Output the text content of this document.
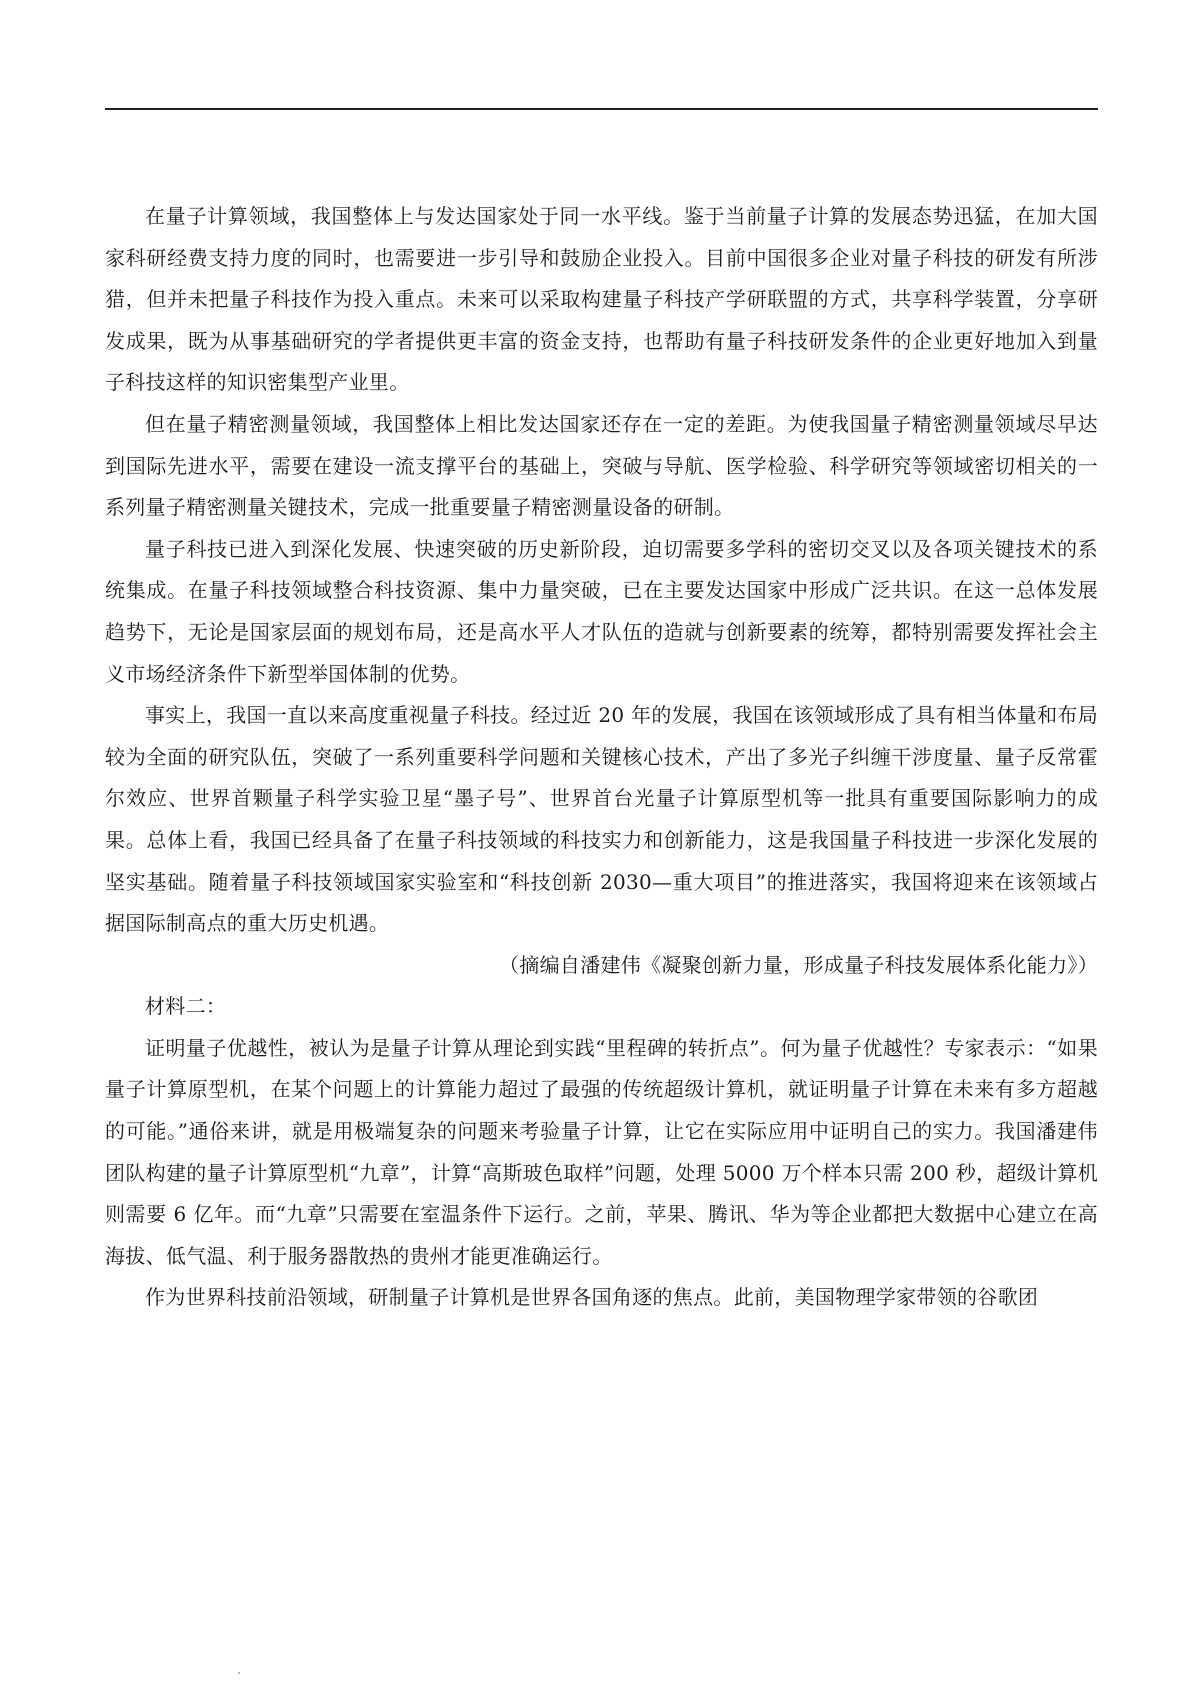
在量子计算领域，我国整体上与发达国家处于同一水平线。鉴于当前量子计算的发展态势迅猛，在加大国家科研经费支持力度的同时，也需要进一步引导和鼓励企业投入。目前中国很多企业对量子科技的研发有所涉猎，但并未把量子科技作为投入重点。未来可以采取构建量子科技产学研联盟的方式，共享科学装置，分享研发成果，既为从事基础研究的学者提供更丰富的资金支持，也帮助有量子科技研发条件的企业更好地加入到量子科技这样的知识密集型产业里。

但在量子精密测量领域，我国整体上相比发达国家还存在一定的差距。为使我国量子精密测量领域尽早达到国际先进水平，需要在建设一流支撑平台的基础上，突破与导航、医学检验、科学研究等领域密切相关的一系列量子精密测量关键技术，完成一批重要量子精密测量设备的研制。

量子科技已进入到深化发展、快速突破的历史新阶段，迫切需要多学科的密切交叉以及各项关键技术的系统集成。在量子科技领域整合科技资源、集中力量突破，已在主要发达国家中形成广泛共识。在这一总体发展趋势下，无论是国家层面的规划布局，还是高水平人才队伍的造就与创新要素的统筹，都特别需要发挥社会主义市场经济条件下新型举国体制的优势。

事实上，我国一直以来高度重视量子科技。经过近 20 年的发展，我国在该领域形成了具有相当体量和布局较为全面的研究队伍，突破了一系列重要科学问题和关键核心技术，产出了多光子纠缠干涉度量、量子反常霍尔效应、世界首颗量子科学实验卫星“墨子号”、世界首台光量子计算原型机等一批具有重要国际影响力的成果。总体上看，我国已经具备了在量子科技领域的科技实力和创新能力，这是我国量子科技进一步深化发展的坚实基础。随着量子科技领域国家实验室和“科技创新 2030—重大项目”的推进落实，我国将迎来在该领域占据国际制高点的重大历史机遇。

（摘编自潘建伟《凝聚创新力量，形成量子科技发展体系化能力》）

材料二：

证明量子优越性，被认为是量子计算从理论到实践“里程碑的转折点”。何为量子优越性？专家表示：“如果量子计算原型机，在某个问题上的计算能力超过了最强的传统超级计算机，就证明量子计算在未来有多方超越的可能。”通俗来讲，就是用极端复杂的问题来考验量子计算，让它在实际应用中证明自己的实力。我国潘建伟团队构建的量子计算原型机“九章”，计算“高斯玻色取样”问题，处理 5000 万个样本只需 200 秒，超级计算机则需要 6 亿年。而“九章”只需要在室温条件下运行。之前，苹果、腾讯、华为等企业都把大数据中心建立在高海拔、低气温、利于服务器散热的贵州才能更准确运行。

作为世界科技前沿领域，研制量子计算机是世界各国角逐的焦点。此前，美国物理学家带领的谷歌团
